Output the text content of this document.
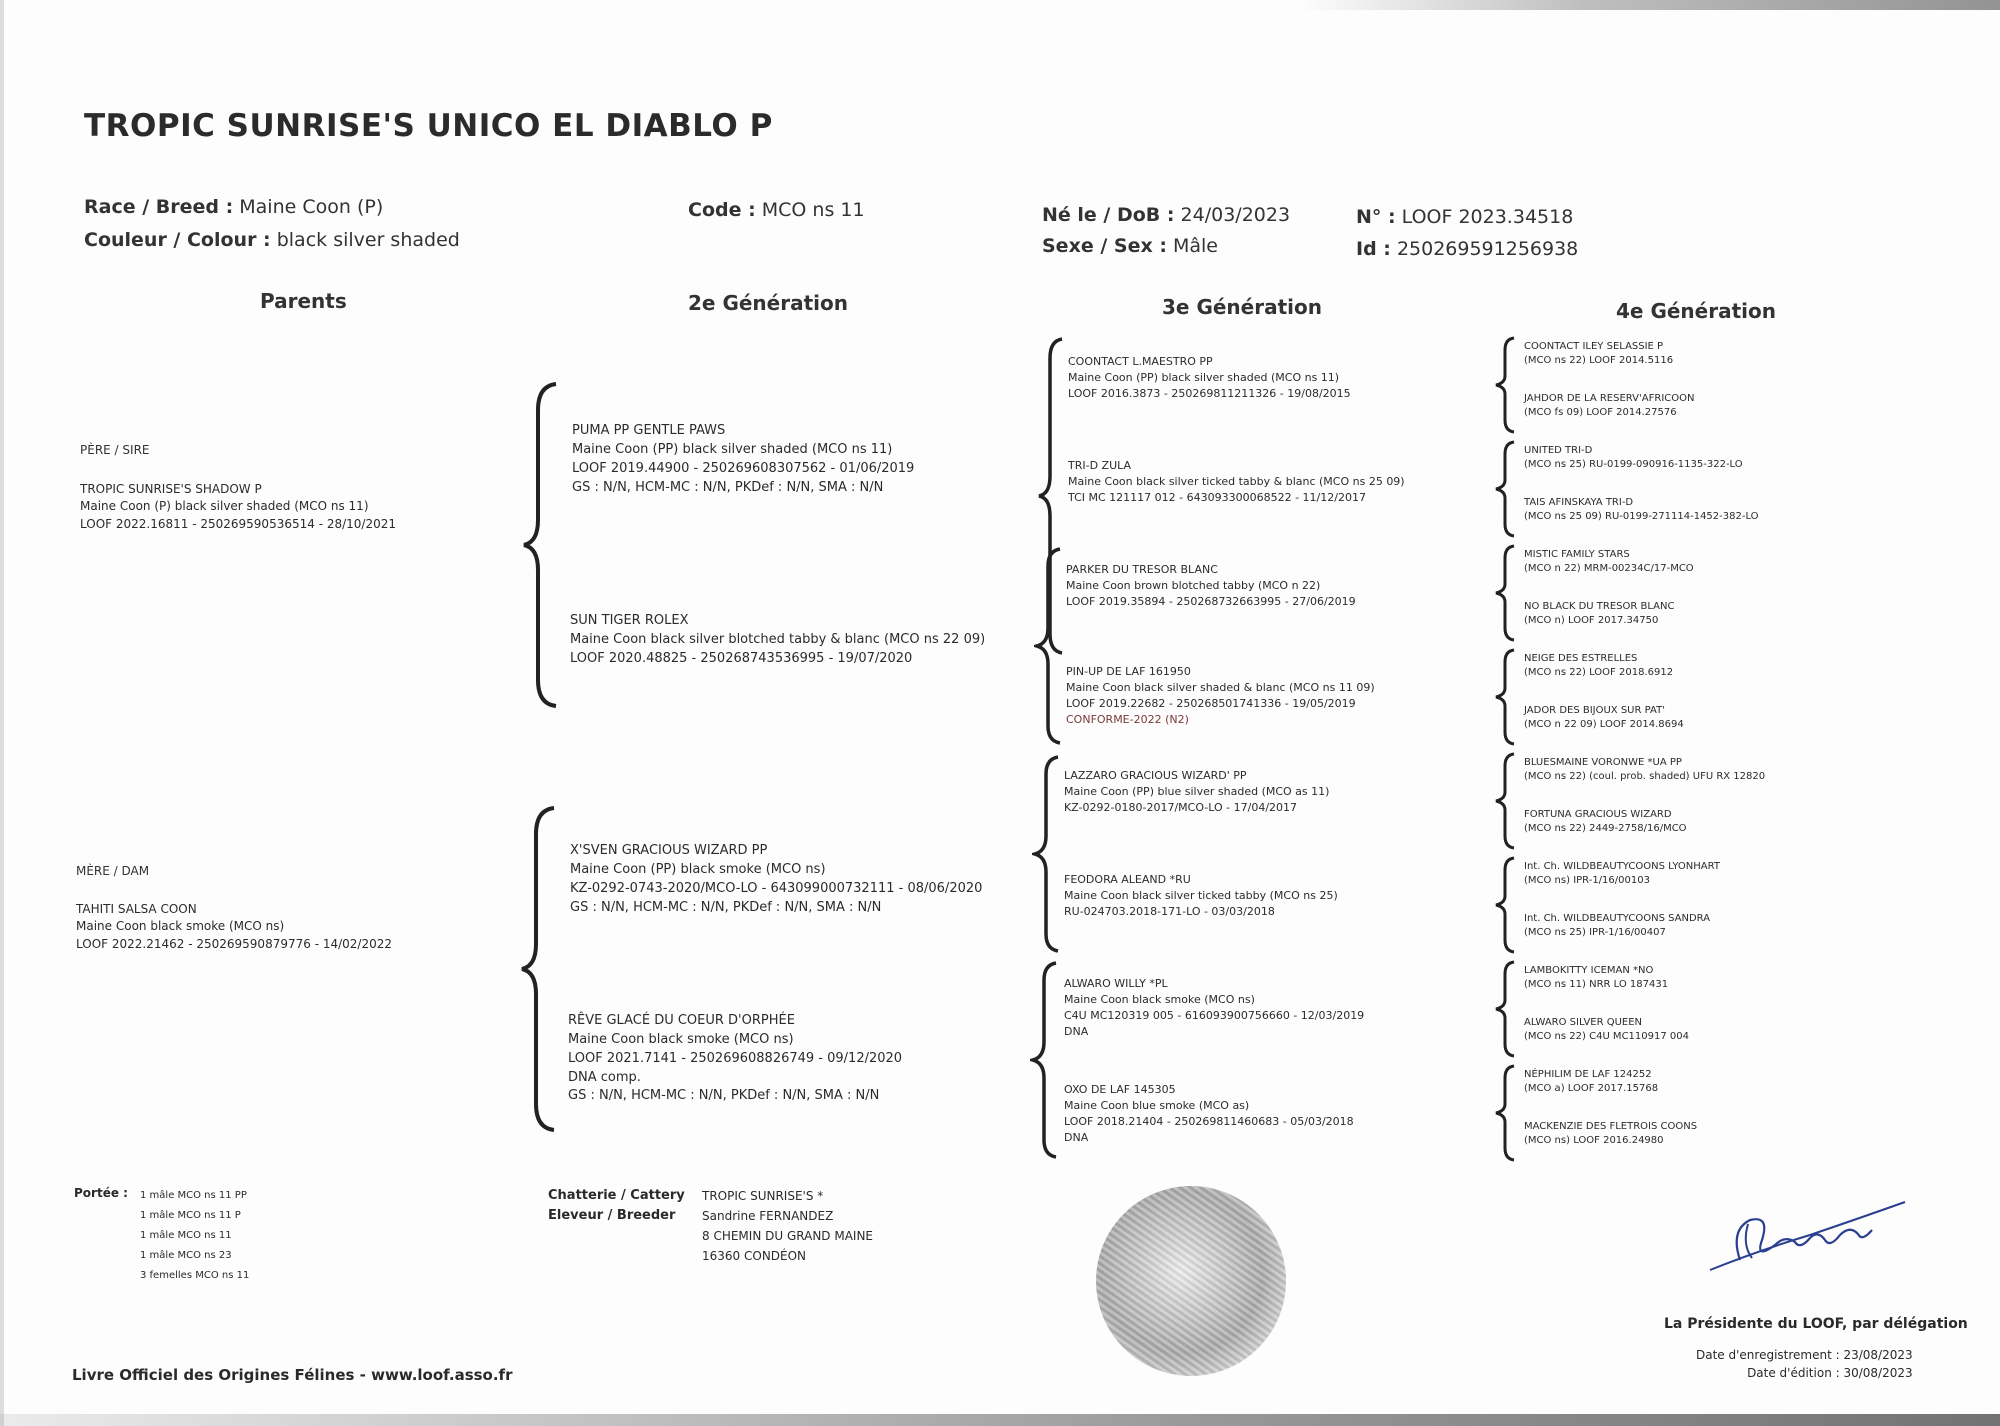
TROPIC SUNRISE'S UNICO EL DIABLO P
Race / Breed : Maine Coon (P)
Couleur / Colour : black silver shaded
Code : MCO ns 11	Né le / DoB : 24/03/2023
Sexe / Sex : Mâle
N° : LOOF 2023.34518
Id : 250269591256938
Parents	2e Génération	3e Génération	4e Génération
PÈRE / SIRE
TROPIC SUNRISE'S SHADOW P
Maine Coon (P) black silver shaded (MCO ns 11)
LOOF 2022.16811 - 250269590536514 - 28/10/2021
MÈRE / DAM
TAHITI SALSA COON
Maine Coon black smoke (MCO ns)
LOOF 2022.21462 - 250269590879776 - 14/02/2022
PUMA PP GENTLE PAWS
Maine Coon (PP) black silver shaded (MCO ns 11)
LOOF 2019.44900 - 250269608307562 - 01/06/2019
GS : N/N, HCM-MC : N/N, PKDef : N/N, SMA : N/N
SUN TIGER ROLEX
Maine Coon black silver blotched tabby & blanc (MCO ns 22 09)
LOOF 2020.48825 - 250268743536995 - 19/07/2020
X'SVEN GRACIOUS WIZARD PP
Maine Coon (PP) black smoke (MCO ns)
KZ-0292-0743-2020/MCO-LO - 643099000732111 - 08/06/2020
GS : N/N, HCM-MC : N/N, PKDef : N/N, SMA : N/N
RÊVE GLACÉ DU COEUR D'ORPHÉE
Maine Coon black smoke (MCO ns)
LOOF 2021.7141 - 250269608826749 - 09/12/2020
DNA comp.
GS : N/N, HCM-MC : N/N, PKDef : N/N, SMA : N/N
COONTACT L.MAESTRO PP
Maine Coon (PP) black silver shaded (MCO ns 11)
LOOF 2016.3873 - 250269811211326 - 19/08/2015
TRI-D ZULA
Maine Coon black silver ticked tabby & blanc (MCO ns 25 09)
TCI MC 121117 012 - 643093300068522 - 11/12/2017
PARKER DU TRESOR BLANC
Maine Coon brown blotched tabby (MCO n 22)
LOOF 2019.35894 - 250268732663995 - 27/06/2019
PIN-UP DE LAF 161950
Maine Coon black silver shaded & blanc (MCO ns 11 09)
LOOF 2019.22682 - 250268501741336 - 19/05/2019
CONFORME-2022 (N2)
LAZZARO GRACIOUS WIZARD' PP
Maine Coon (PP) blue silver shaded (MCO as 11)
KZ-0292-0180-2017/MCO-LO - 17/04/2017
FEODORA ALEAND *RU
Maine Coon black silver ticked tabby (MCO ns 25)
RU-024703.2018-171-LO - 03/03/2018
ALWARO WILLY *PL
Maine Coon black smoke (MCO ns)
C4U MC120319 005 - 616093900756660 - 12/03/2019
DNA
OXO DE LAF 145305
Maine Coon blue smoke (MCO as)
LOOF 2018.21404 - 250269811460683 - 05/03/2018
DNA
COONTACT ILEY SELASSIE P
(MCO ns 22) LOOF 2014.5116
JAHDOR DE LA RESERV'AFRICOON
(MCO fs 09) LOOF 2014.27576
UNITED TRI-D
(MCO ns 25) RU-0199-090916-1135-322-LO
TAIS AFINSKAYA TRI-D
(MCO ns 25 09) RU-0199-271114-1452-382-LO
MISTIC FAMILY STARS
(MCO n 22) MRM-00234C/17-MCO
NO BLACK DU TRESOR BLANC
(MCO n) LOOF 2017.34750
NEIGE DES ESTRELLES
(MCO ns 22) LOOF 2018.6912
JADOR DES BIJOUX SUR PAT'
(MCO n 22 09) LOOF 2014.8694
BLUESMAINE VORONWE *UA PP
(MCO ns 22) (coul. prob. shaded) UFU RX 12820
FORTUNA GRACIOUS WIZARD
(MCO ns 22) 2449-2758/16/MCO
Int. Ch. WILDBEAUTYCOONS LYONHART
(MCO ns) IPR-1/16/00103
Int. Ch. WILDBEAUTYCOONS SANDRA
(MCO ns 25) IPR-1/16/00407
LAMBOKITTY ICEMAN *NO
(MCO ns 11) NRR LO 187431
ALWARO SILVER QUEEN
(MCO ns 22) C4U MC110917 004
NÉPHILIM DE LAF 124252
(MCO a) LOOF 2017.15768
MACKENZIE DES FLETROIS COONS
(MCO ns) LOOF 2016.24980
Portée : 1 mâle MCO ns 11 PP
1 mâle MCO ns 11 P
1 mâle MCO ns 11
1 mâle MCO ns 23
3 femelles MCO ns 11
Chatterie / Cattery
Eleveur / Breeder
TROPIC SUNRISE'S *
Sandrine FERNANDEZ
8 CHEMIN DU GRAND MAINE
16360 CONDÉON
La Présidente du LOOF, par délégation
Date d'enregistrement : 23/08/2023
Date d'édition : 30/08/2023
Livre Officiel des Origines Félines - www.loof.asso.fr
